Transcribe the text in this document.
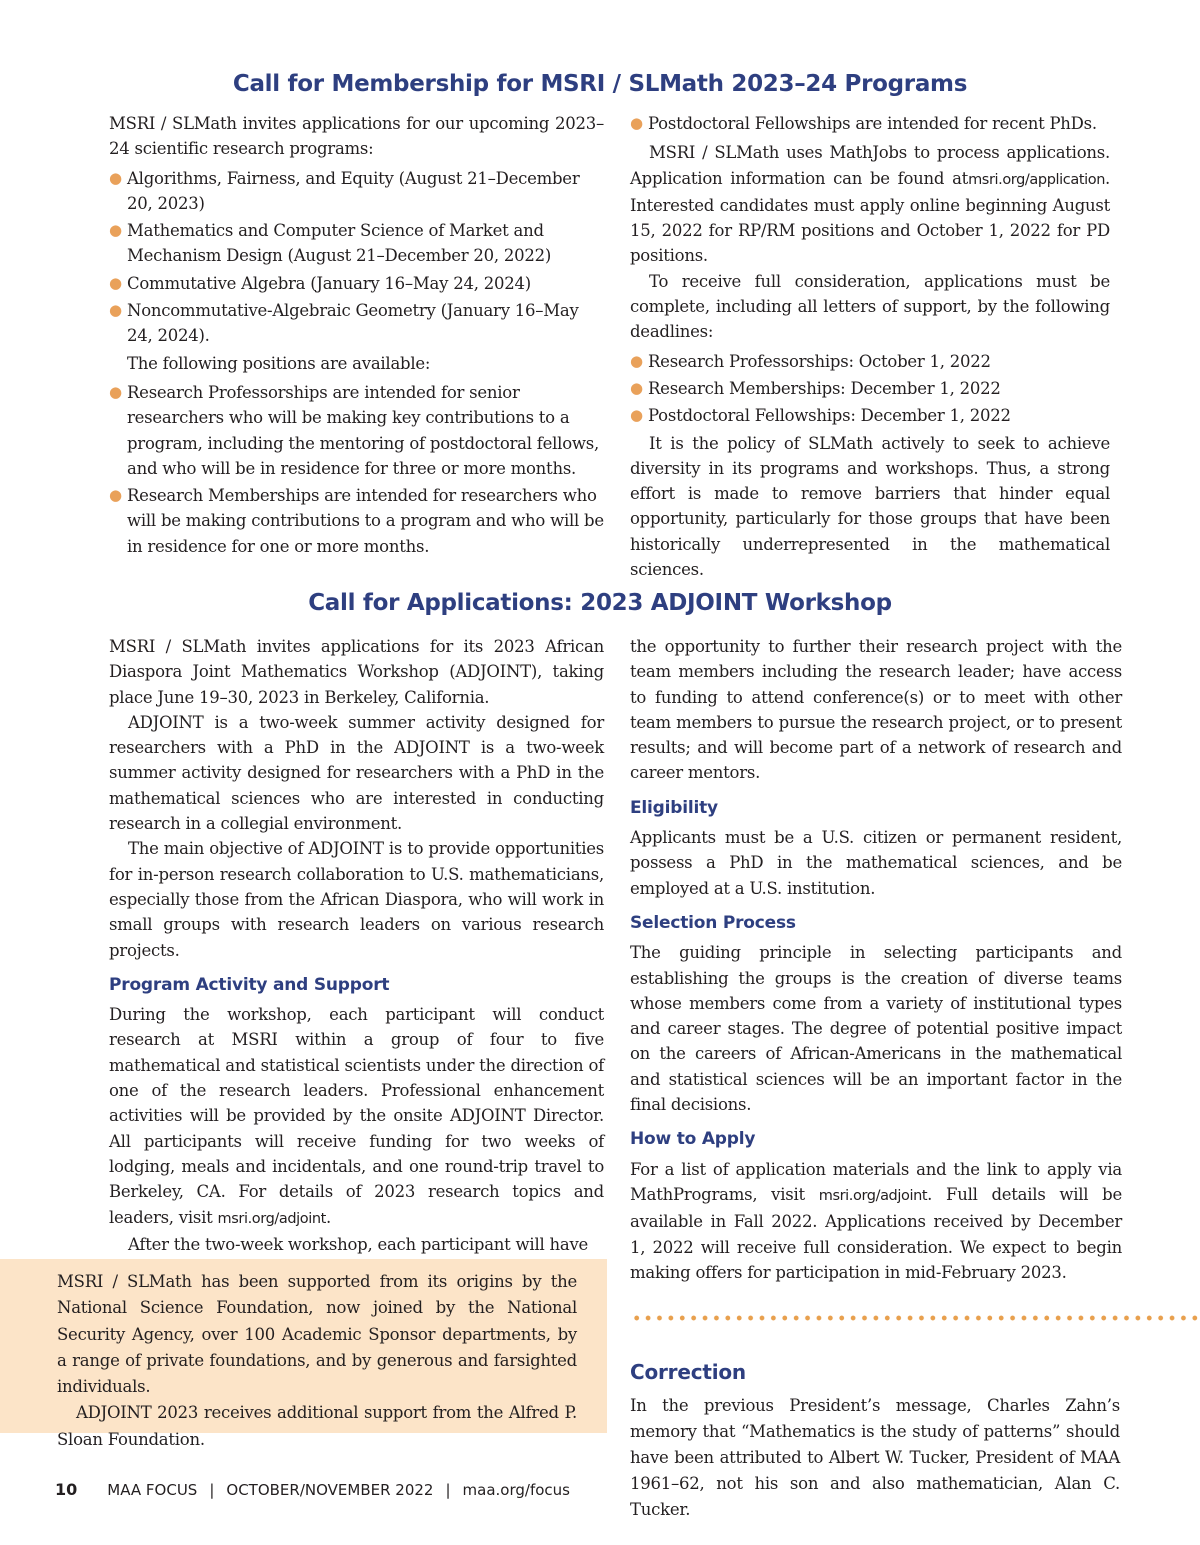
Call for Membership for MSRI / SLMath 2023–24 Programs

MSRI / SLMath invites applications for our upcoming 2023–24 scientific research programs:

● Algorithms, Fairness, and Equity (August 21–December 20, 2023)
● Mathematics and Computer Science of Market and Mechanism Design (August 21–December 20, 2022)
● Commutative Algebra (January 16–May 24, 2024)
● Noncommutative-Algebraic Geometry (January 16–May 24, 2024).

The following positions are available:

● Research Professorships are intended for senior researchers who will be making key contributions to a program, including the mentoring of postdoctoral fellows, and who will be in residence for three or more months.
● Research Memberships are intended for researchers who will be making contributions to a program and who will be in residence for one or more months.
● Postdoctoral Fellowships are intended for recent PhDs.

MSRI / SLMath uses MathJobs to process applications. Application information can be found atmsri.org/application. Interested candidates must apply online beginning August 15, 2022 for RP/RM positions and October 1, 2022 for PD positions.

To receive full consideration, applications must be complete, including all letters of support, by the following deadlines:

● Research Professorships: October 1, 2022
● Research Memberships: December 1, 2022
● Postdoctoral Fellowships: December 1, 2022

It is the policy of SLMath actively to seek to achieve diversity in its programs and workshops. Thus, a strong effort is made to remove barriers that hinder equal opportunity, particularly for those groups that have been historically underrepresented in the mathematical sciences.

Call for Applications: 2023 ADJOINT Workshop

MSRI / SLMath invites applications for its 2023 African Diaspora Joint Mathematics Workshop (ADJOINT), taking place June 19–30, 2023 in Berkeley, California.

ADJOINT is a two-week summer activity designed for researchers with a PhD in the ADJOINT is a two-week summer activity designed for researchers with a PhD in the mathematical sciences who are interested in conducting research in a collegial environment.

The main objective of ADJOINT is to provide opportunities for in-person research collaboration to U.S. mathematicians, especially those from the African Diaspora, who will work in small groups with research leaders on various research projects.

Program Activity and Support

During the workshop, each participant will conduct research at MSRI within a group of four to five mathematical and statistical scientists under the direction of one of the research leaders. Professional enhancement activities will be provided by the onsite ADJOINT Director. All participants will receive funding for two weeks of lodging, meals and incidentals, and one round-trip travel to Berkeley, CA. For details of 2023 research topics and leaders, visit msri.org/adjoint.

After the two-week workshop, each participant will have

the opportunity to further their research project with the team members including the research leader; have access to funding to attend conference(s) or to meet with other team members to pursue the research project, or to present results; and will become part of a network of research and career mentors.

Eligibility

Applicants must be a U.S. citizen or permanent resident, possess a PhD in the mathematical sciences, and be employed at a U.S. institution.

Selection Process

The guiding principle in selecting participants and establishing the groups is the creation of diverse teams whose members come from a variety of institutional types and career stages. The degree of potential positive impact on the careers of African-Americans in the mathematical and statistical sciences will be an important factor in the final decisions.

How to Apply

For a list of application materials and the link to apply via MathPrograms, visit msri.org/adjoint. Full details will be available in Fall 2022. Applications received by December 1, 2022 will receive full consideration. We expect to begin making offers for participation in mid-February 2023.

MSRI / SLMath has been supported from its origins by the National Science Foundation, now joined by the National Security Agency, over 100 Academic Sponsor departments, by a range of private foundations, and by generous and farsighted individuals.

ADJOINT 2023 receives additional support from the Alfred P. Sloan Foundation.

Correction

In the previous President’s message, Charles Zahn’s memory that “Mathematics is the study of patterns” should have been attributed to Albert W. Tucker, President of MAA 1961–62, not his son and also mathematician, Alan C. Tucker.

10 MAA FOCUS | OCTOBER/NOVEMBER 2022 | maa.org/focus
